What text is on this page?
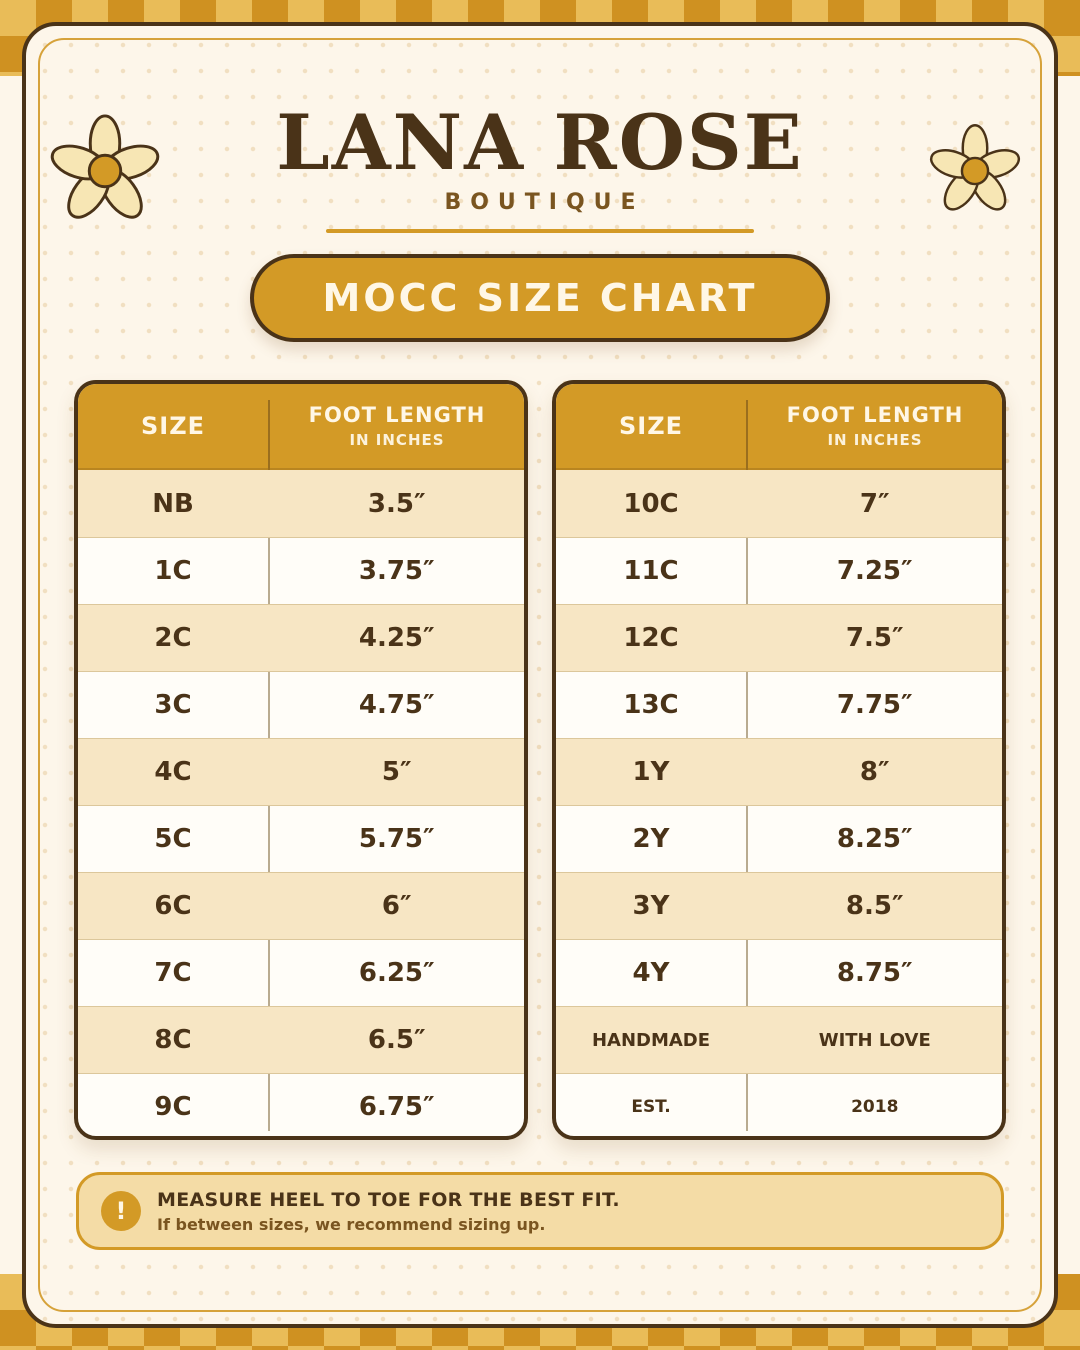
LANA ROSE
BOUTIQUE
MOCC SIZE CHART
SIZE	FOOT LENGTH
IN INCHES
NB	3.5″
1C	3.75″
2C	4.25″
3C	4.75″
4C	5″
5C	5.75″
6C	6″
7C	6.25″
8C	6.5″
9C	6.75″
SIZE	FOOT LENGTH
IN INCHES
10C	7″
11C	7.25″
12C	7.5″
13C	7.75″
1Y	8″
2Y	8.25″
3Y	8.5″
4Y	8.75″
HANDMADE	WITH LOVE
EST.	2018
!	MEASURE HEEL TO TOE FOR THE BEST FIT.
If between sizes, we recommend sizing up.
